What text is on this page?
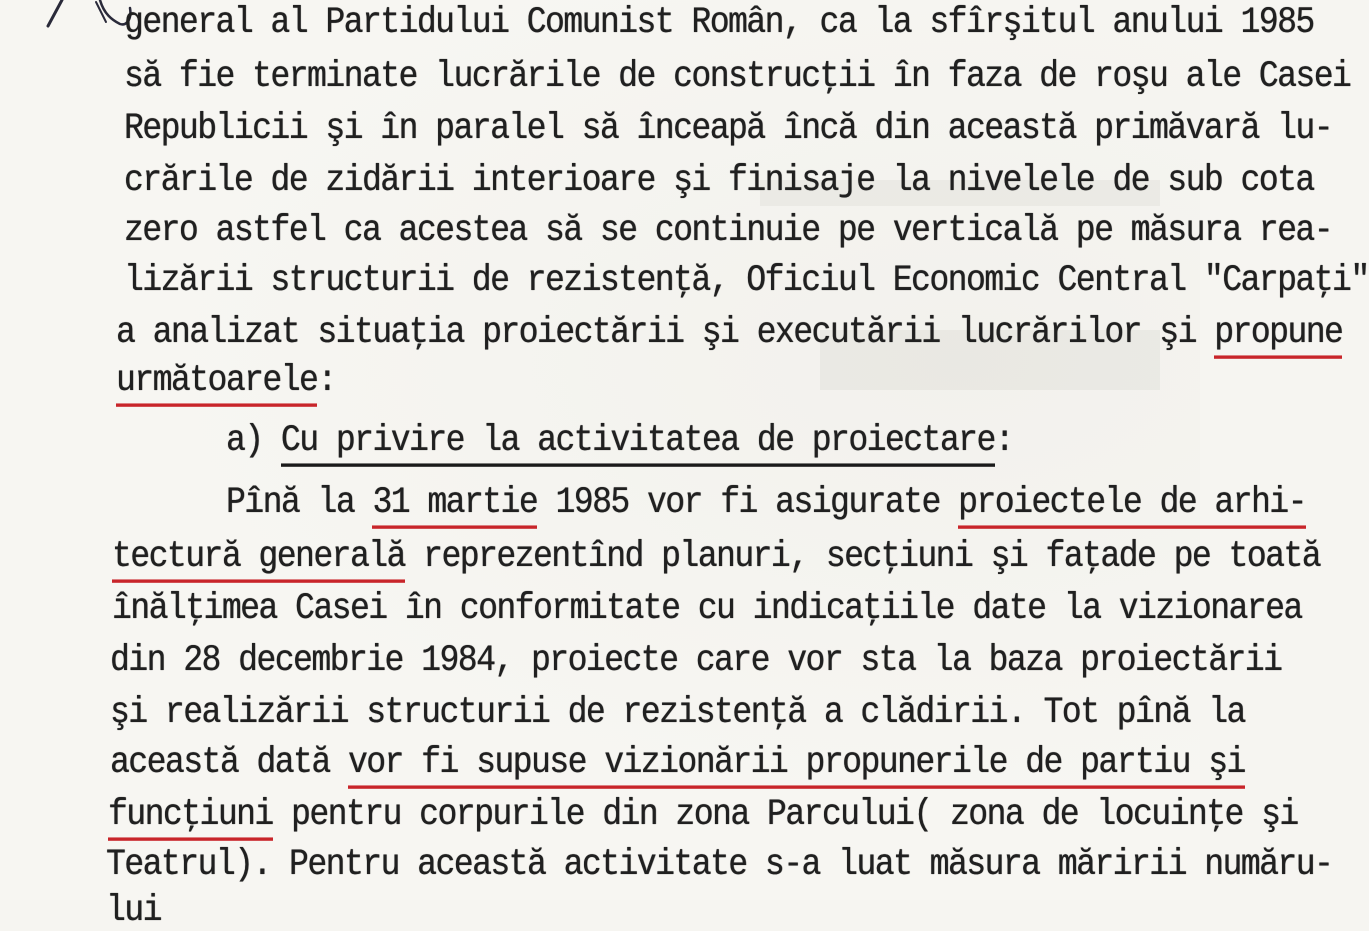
general al Partidului Comunist Român, ca la sfîrşitul anului 1985
să fie terminate lucrările de construcţii în faza de roşu ale Casei
Republicii şi în paralel să înceapă încă din această primăvară lu-
crările de zidării interioare şi finisaje la nivelele de sub cota
zero astfel ca acestea să se continuie pe verticală pe măsura rea-
lizării structurii de rezistenţă, Oficiul Economic Central "Carpaţi"
a analizat situaţia proiectării şi executării lucrărilor şi propune
următoarele:
a) Cu privire la activitatea de proiectare:
Pînă la 31 martie 1985 vor fi asigurate proiectele de arhi-
tectură generală reprezentînd planuri, secţiuni şi faţade pe toată
înălţimea Casei în conformitate cu indicaţiile date la vizionarea
din 28 decembrie 1984, proiecte care vor sta la baza proiectării
şi realizării structurii de rezistenţă a clădirii. Tot pînă la
această dată vor fi supuse vizionării propunerile de partiu şi
funcţiuni pentru corpurile din zona Parcului( zona de locuinţe şi
Teatrul). Pentru această activitate s-a luat măsura măririi număru-
lui
